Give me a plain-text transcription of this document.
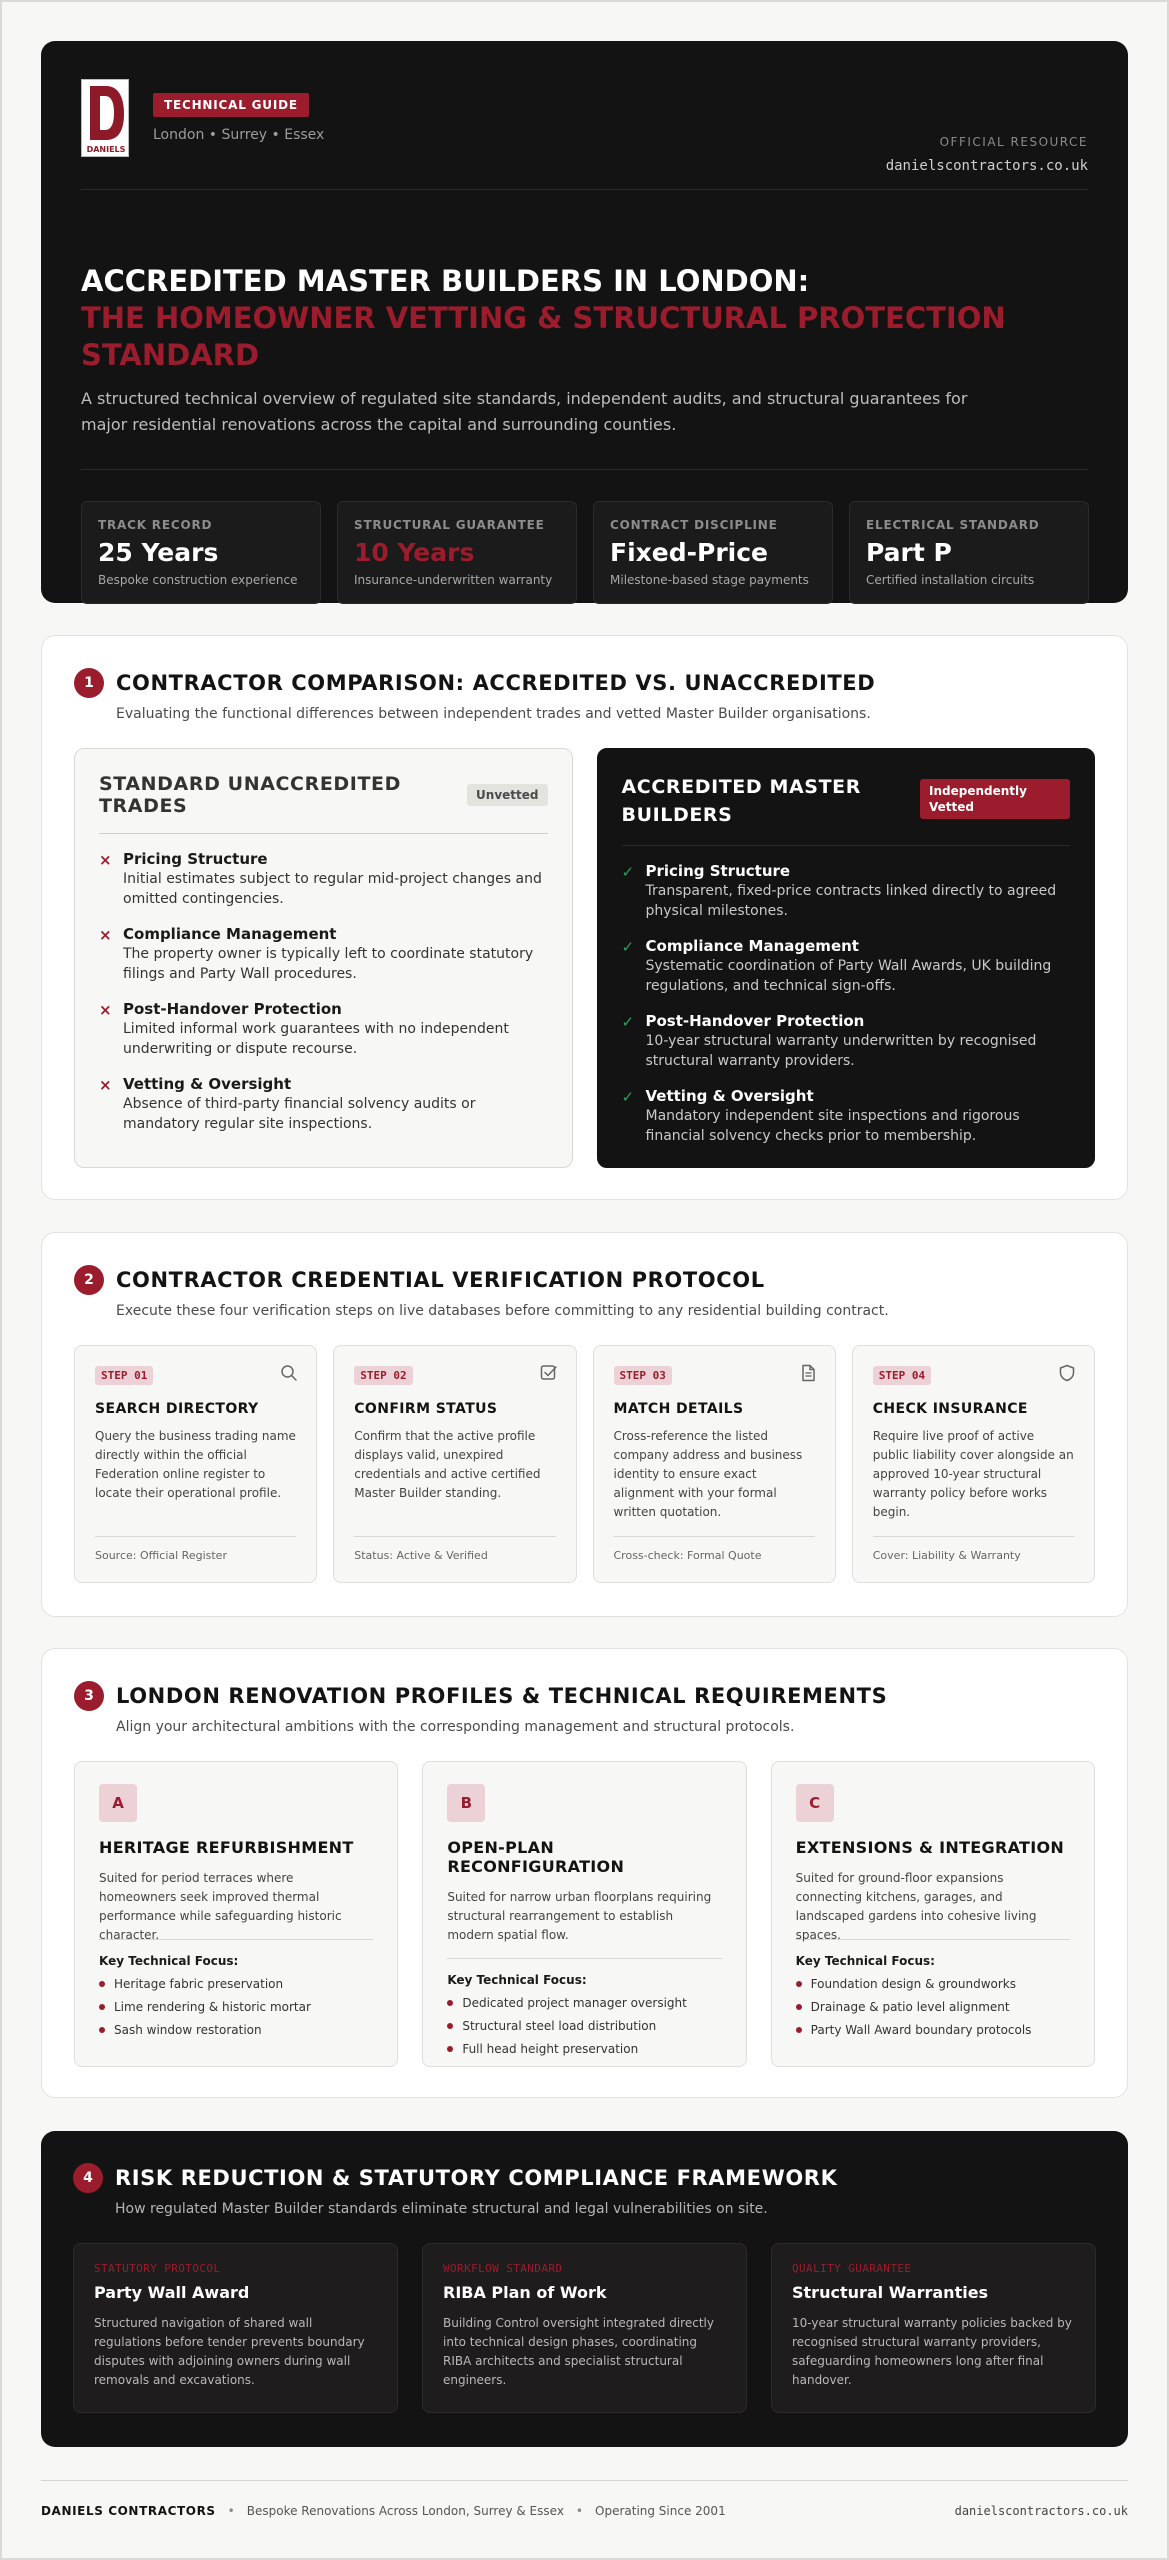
DANIELS
TECHNICAL GUIDE
London • Surrey • Essex	OFFICIAL RESOURCE
danielscontractors.co.uk
ACCREDITED MASTER BUILDERS IN LONDON:
THE HOMEOWNER VETTING & STRUCTURAL PROTECTION STANDARD
A structured technical overview of regulated site standards, independent audits, and structural guarantees for major residential renovations across the capital and surrounding counties.
TRACK RECORD
25 Years
Bespoke construction experience
STRUCTURAL GUARANTEE
10 Years
Insurance-underwritten warranty
CONTRACT DISCIPLINE
Fixed-Price
Milestone-based stage payments
ELECTRICAL STANDARD
Part P
Certified installation circuits
1	CONTRACTOR COMPARISON: ACCREDITED VS. UNACCREDITED
Evaluating the functional differences between independent trades and vetted Master Builder organisations.
STANDARD UNACCREDITED TRADES	Unvetted
× Pricing Structure
Initial estimates subject to regular mid-project changes and omitted contingencies.
× Compliance Management
The property owner is typically left to coordinate statutory filings and Party Wall procedures.
× Post-Handover Protection
Limited informal work guarantees with no independent underwriting or dispute recourse.
× Vetting & Oversight
Absence of third-party financial solvency audits or mandatory regular site inspections.
ACCREDITED MASTER BUILDERS
Independently Vetted
✓ Pricing Structure
Transparent, fixed-price contracts linked directly to agreed physical milestones.
✓ Compliance Management
Systematic coordination of Party Wall Awards, UK building regulations, and technical sign-offs.
✓ Post-Handover Protection
10-year structural warranty underwritten by recognised structural warranty providers.
✓ Vetting & Oversight
Mandatory independent site inspections and rigorous financial solvency checks prior to membership.
2	CONTRACTOR CREDENTIAL VERIFICATION PROTOCOL
Execute these four verification steps on live databases before committing to any residential building contract.
STEP 01
SEARCH DIRECTORY
Query the business trading name directly within the official Federation online register to locate their operational profile.
Source: Official Register
STEP 02
CONFIRM STATUS
Confirm that the active profile displays valid, unexpired credentials and active certified Master Builder standing.
Status: Active & Verified
STEP 03
MATCH DETAILS
Cross-reference the listed company address and business identity to ensure exact alignment with your formal written quotation.
Cross-check: Formal Quote
STEP 04
CHECK INSURANCE
Require live proof of active public liability cover alongside an approved 10-year structural warranty policy before works begin.
Cover: Liability & Warranty
3	LONDON RENOVATION PROFILES & TECHNICAL REQUIREMENTS
Align your architectural ambitions with the corresponding management and structural protocols.
A
HERITAGE REFURBISHMENT
Suited for period terraces where homeowners seek improved thermal performance while safeguarding historic character.
Key Technical Focus:
Heritage fabric preservation
Lime rendering & historic mortar
Sash window restoration
B
OPEN-PLAN RECONFIGURATION
Suited for narrow urban floorplans requiring structural rearrangement to establish modern spatial flow.
Key Technical Focus:
Dedicated project manager oversight
Structural steel load distribution
Full head height preservation
C
EXTENSIONS & INTEGRATION
Suited for ground-floor expansions connecting kitchens, garages, and landscaped gardens into cohesive living spaces.
Key Technical Focus:
Foundation design & groundworks
Drainage & patio level alignment
Party Wall Award boundary protocols
4	RISK REDUCTION & STATUTORY COMPLIANCE FRAMEWORK
How regulated Master Builder standards eliminate structural and legal vulnerabilities on site.
STATUTORY PROTOCOL
Party Wall Award
Structured navigation of shared wall regulations before tender prevents boundary disputes with adjoining owners during wall removals and excavations.
WORKFLOW STANDARD
RIBA Plan of Work
Building Control oversight integrated directly into technical design phases, coordinating RIBA architects and specialist structural engineers.
QUALITY GUARANTEE
Structural Warranties
10-year structural warranty policies backed by recognised structural warranty providers, safeguarding homeowners long after final handover.
DANIELS CONTRACTORS • Bespoke Renovations Across London, Surrey & Essex • Operating Since 2001	danielscontractors.co.uk
